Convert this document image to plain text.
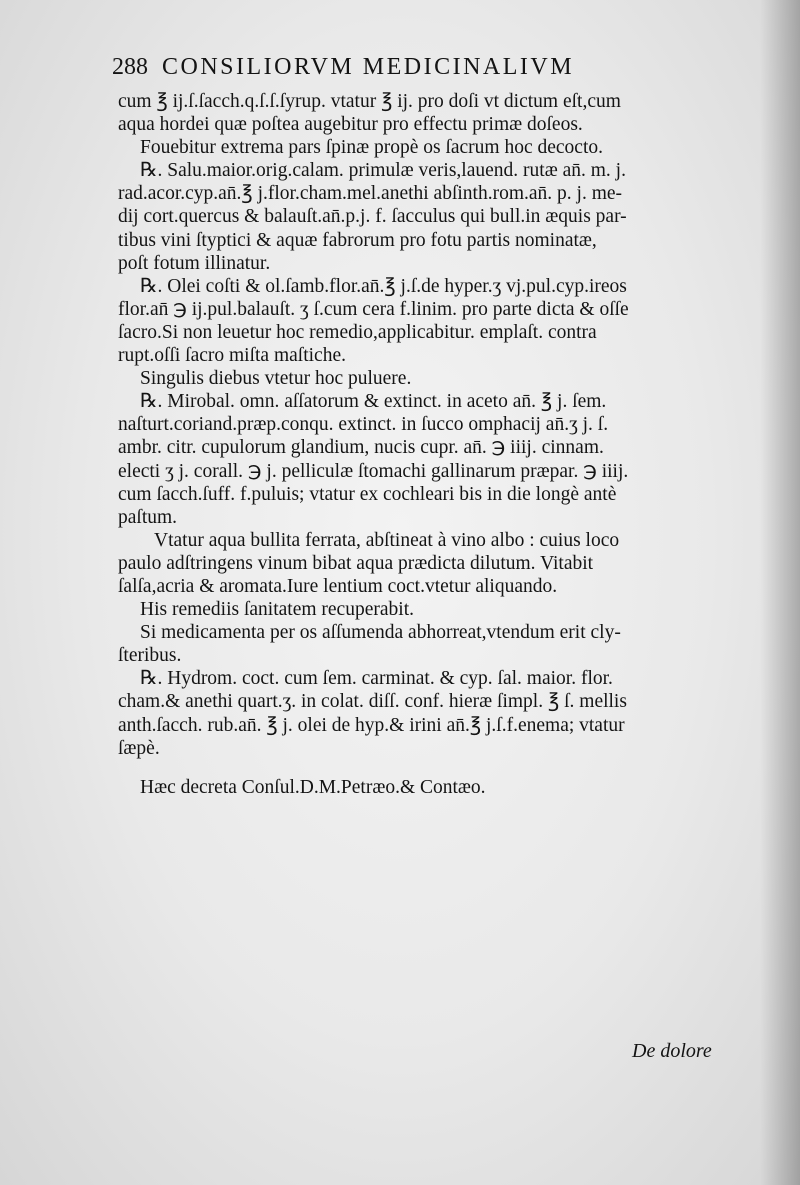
288 CONSILIORVM MEDICINALIVM
cum ℥ ij.ſ.ſacch.q.ſ.ſ.ſyrup. vtatur ℥ ij. pro doſi vt dictum eſt,cum
aqua hordei quæ poſtea augebitur pro effectu primæ doſeos.
Fouebitur extrema pars ſpinæ propè os ſacrum hoc decocto.
℞. Salu.maior.orig.calam. primulæ veris,lauend. rutæ an̄. m. j.
rad.acor.cyp.an̄.℥ j.flor.cham.mel.anethi abſinth.rom.an̄. p. j. me-
dij cort.quercus & balauſt.an̄.p.j. f. ſacculus qui bull.in æquis par-
tibus vini ſtyptici & aquæ fabrorum pro fotu partis nominatæ,
poſt fotum illinatur.
℞. Olei coſti & ol.ſamb.flor.an̄.℥ j.ſ.de hyper.ʒ vj.pul.cyp.ireos
flor.an̄ ℈ ij.pul.balauſt. ʒ ſ.cum cera f.linim. pro parte dicta & oſſe
ſacro.Si non leuetur hoc remedio,applicabitur. emplaſt. contra
rupt.oſſi ſacro miſta maſtiche.
Singulis diebus vtetur hoc puluere.
℞. Mirobal. omn. aſſatorum & extinct. in aceto an̄. ℥ j. ſem.
naſturt.coriand.præp.conqu. extinct. in ſucco omphacij an̄.ʒ j. ſ.
ambr. citr. cupulorum glandium, nucis cupr. an̄. ℈ iiij. cinnam.
electi ʒ j. corall. ℈ j. pelliculæ ſtomachi gallinarum præpar. ℈ iiij.
cum ſacch.ſuff. f.puluis; vtatur ex cochleari bis in die longè antè
paſtum.
Vtatur aqua bullita ferrata, abſtineat à vino albo : cuius loco
paulo adſtringens vinum bibat aqua prædicta dilutum. Vitabit
ſalſa,acria & aromata.Iure lentium coct.vtetur aliquando.
His remediis ſanitatem recuperabit.
Si medicamenta per os aſſumenda abhorreat,vtendum erit cly-
ſteribus.
℞. Hydrom. coct. cum ſem. carminat. & cyp. ſal. maior. flor.
cham.& anethi quart.ʒ. in colat. diſſ. conf. hieræ ſimpl. ℥ ſ. mellis
anth.ſacch. rub.an̄. ℥ j. olei de hyp.& irini an̄.℥ j.ſ.f.enema; vtatur
ſæpè.
Hæc decreta Conſul.D.M.Petræo.& Contæo.
De dolore
